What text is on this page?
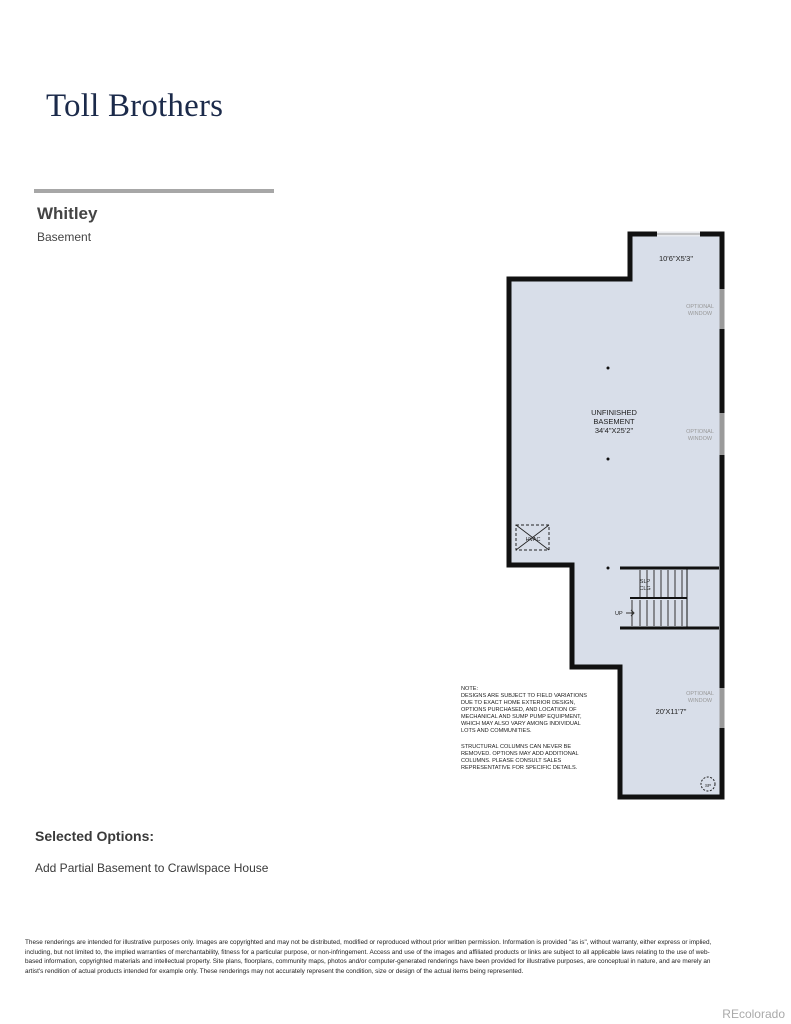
Toll Brothers
Whitley
Basement
10'6"X5'3"
UNFINISHED
BASEMENT
34'4"X25'2"
20'X11'7"
OPTIONAL
WINDOW
OPTIONAL
WINDOW
OPTIONAL
WINDOW
HVAC
SLP
CLG
UP
SP
NOTE:
DESIGNS ARE SUBJECT TO FIELD VARIATIONS
DUE TO EXACT HOME EXTERIOR DESIGN,
OPTIONS PURCHASED, AND LOCATION OF
MECHANICAL AND SUMP PUMP EQUIPMENT,
WHICH MAY ALSO VARY AMONG INDIVIDUAL
LOTS AND COMMUNITIES.
STRUCTURAL COLUMNS CAN NEVER BE
REMOVED. OPTIONS MAY ADD ADDITIONAL
COLUMNS. PLEASE CONSULT SALES
REPRESENTATIVE FOR SPECIFIC DETAILS.
Selected Options:
Add Partial Basement to Crawlspace House
These renderings are intended for illustrative purposes only. Images are copyrighted and may not be distributed, modified or reproduced without prior written permission. Information is provided "as is", without warranty, either express or implied, including, but not limited to, the implied warranties of merchantability, fitness for a particular purpose, or non-infringement. Access and use of the images and affiliated products or links are subject to all applicable laws relating to the use of web-based information, copyrighted materials and intellectual property. Site plans, floorplans, community maps, photos and/or computer-generated renderings have been provided for illustrative purposes, are conceptual in nature, and are merely an artist's rendition of actual products intended for example only. These renderings may not accurately represent the condition, size or design of the actual items being represented.
REcolorado
